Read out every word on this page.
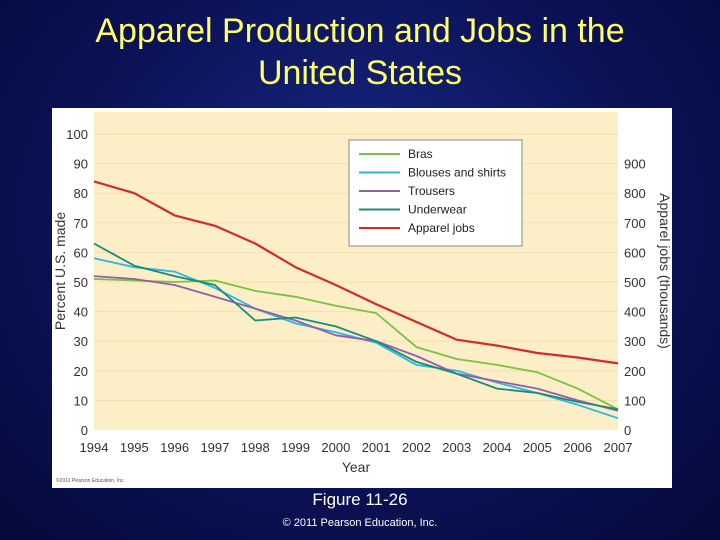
Apparel Production and Jobs in the
United States
0
10
20
30
40
50
60
70
80
90
100
0
100
200
300
400
500
600
700
800
900
1994 1995 1996 1997 1998 1999 2000 2001 2002 2003 2004 2005 2006 2007
Year
Percent U.S. made	Apparel jobs (thousands)
Bras
Blouses and shirts
Trousers
Underwear
Apparel jobs
©2011 Pearson Education, Inc.
Figure 11-26
© 2011 Pearson Education, Inc.
